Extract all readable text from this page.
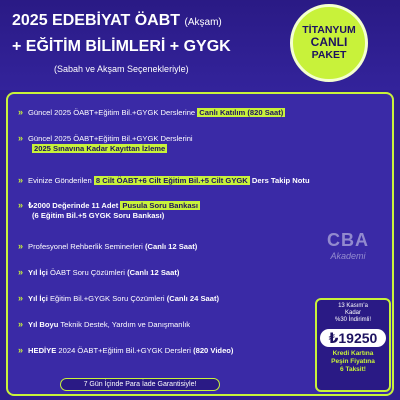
2025 EDEBİYAT ÖABT (Akşam)
+ EĞİTİM BİLİMLERİ + GYGK
(Sabah ve Akşam Seçenekleriyle)
TİTANYUM
CANLI
PAKET
» Güncel 2025 ÖABT+Eğitim Bil.+GYGK Derslerine Canlı Katılım (820 Saat)
» Güncel 2025 ÖABT+Eğitim Bil.+GYGK Derslerini
2025 Sınavına Kadar Kayıttan İzleme
» Evinize Gönderilen 8 Cilt ÖABT+6 Cilt Eğitim Bil.+5 Cilt GYGK Ders Takip Notu
» ₺2000 Değerinde 11 Adet Pusula Soru Bankası
(6 Eğitim Bil.+5 GYGK Soru Bankası)
» Profesyonel Rehberlik Seminerleri (Canlı 12 Saat)
» Yıl İçi ÖABT Soru Çözümleri (Canlı 12 Saat)
» Yıl İçi Eğitim Bil.+GYGK Soru Çözümleri (Canlı 24 Saat)
» Yıl Boyu Teknik Destek, Yardım ve Danışmanlık
» HEDİYE 2024 ÖABT+Eğitim Bil.+GYGK Dersleri (820 Video)
CBA
Akademi
13 Kasım'a
Kadar
%30 İndirimli!
₺19250
Kredi Kartına
Peşin Fiyatına
6 Taksit!
7 Gün İçinde Para İade Garantisiyle!
